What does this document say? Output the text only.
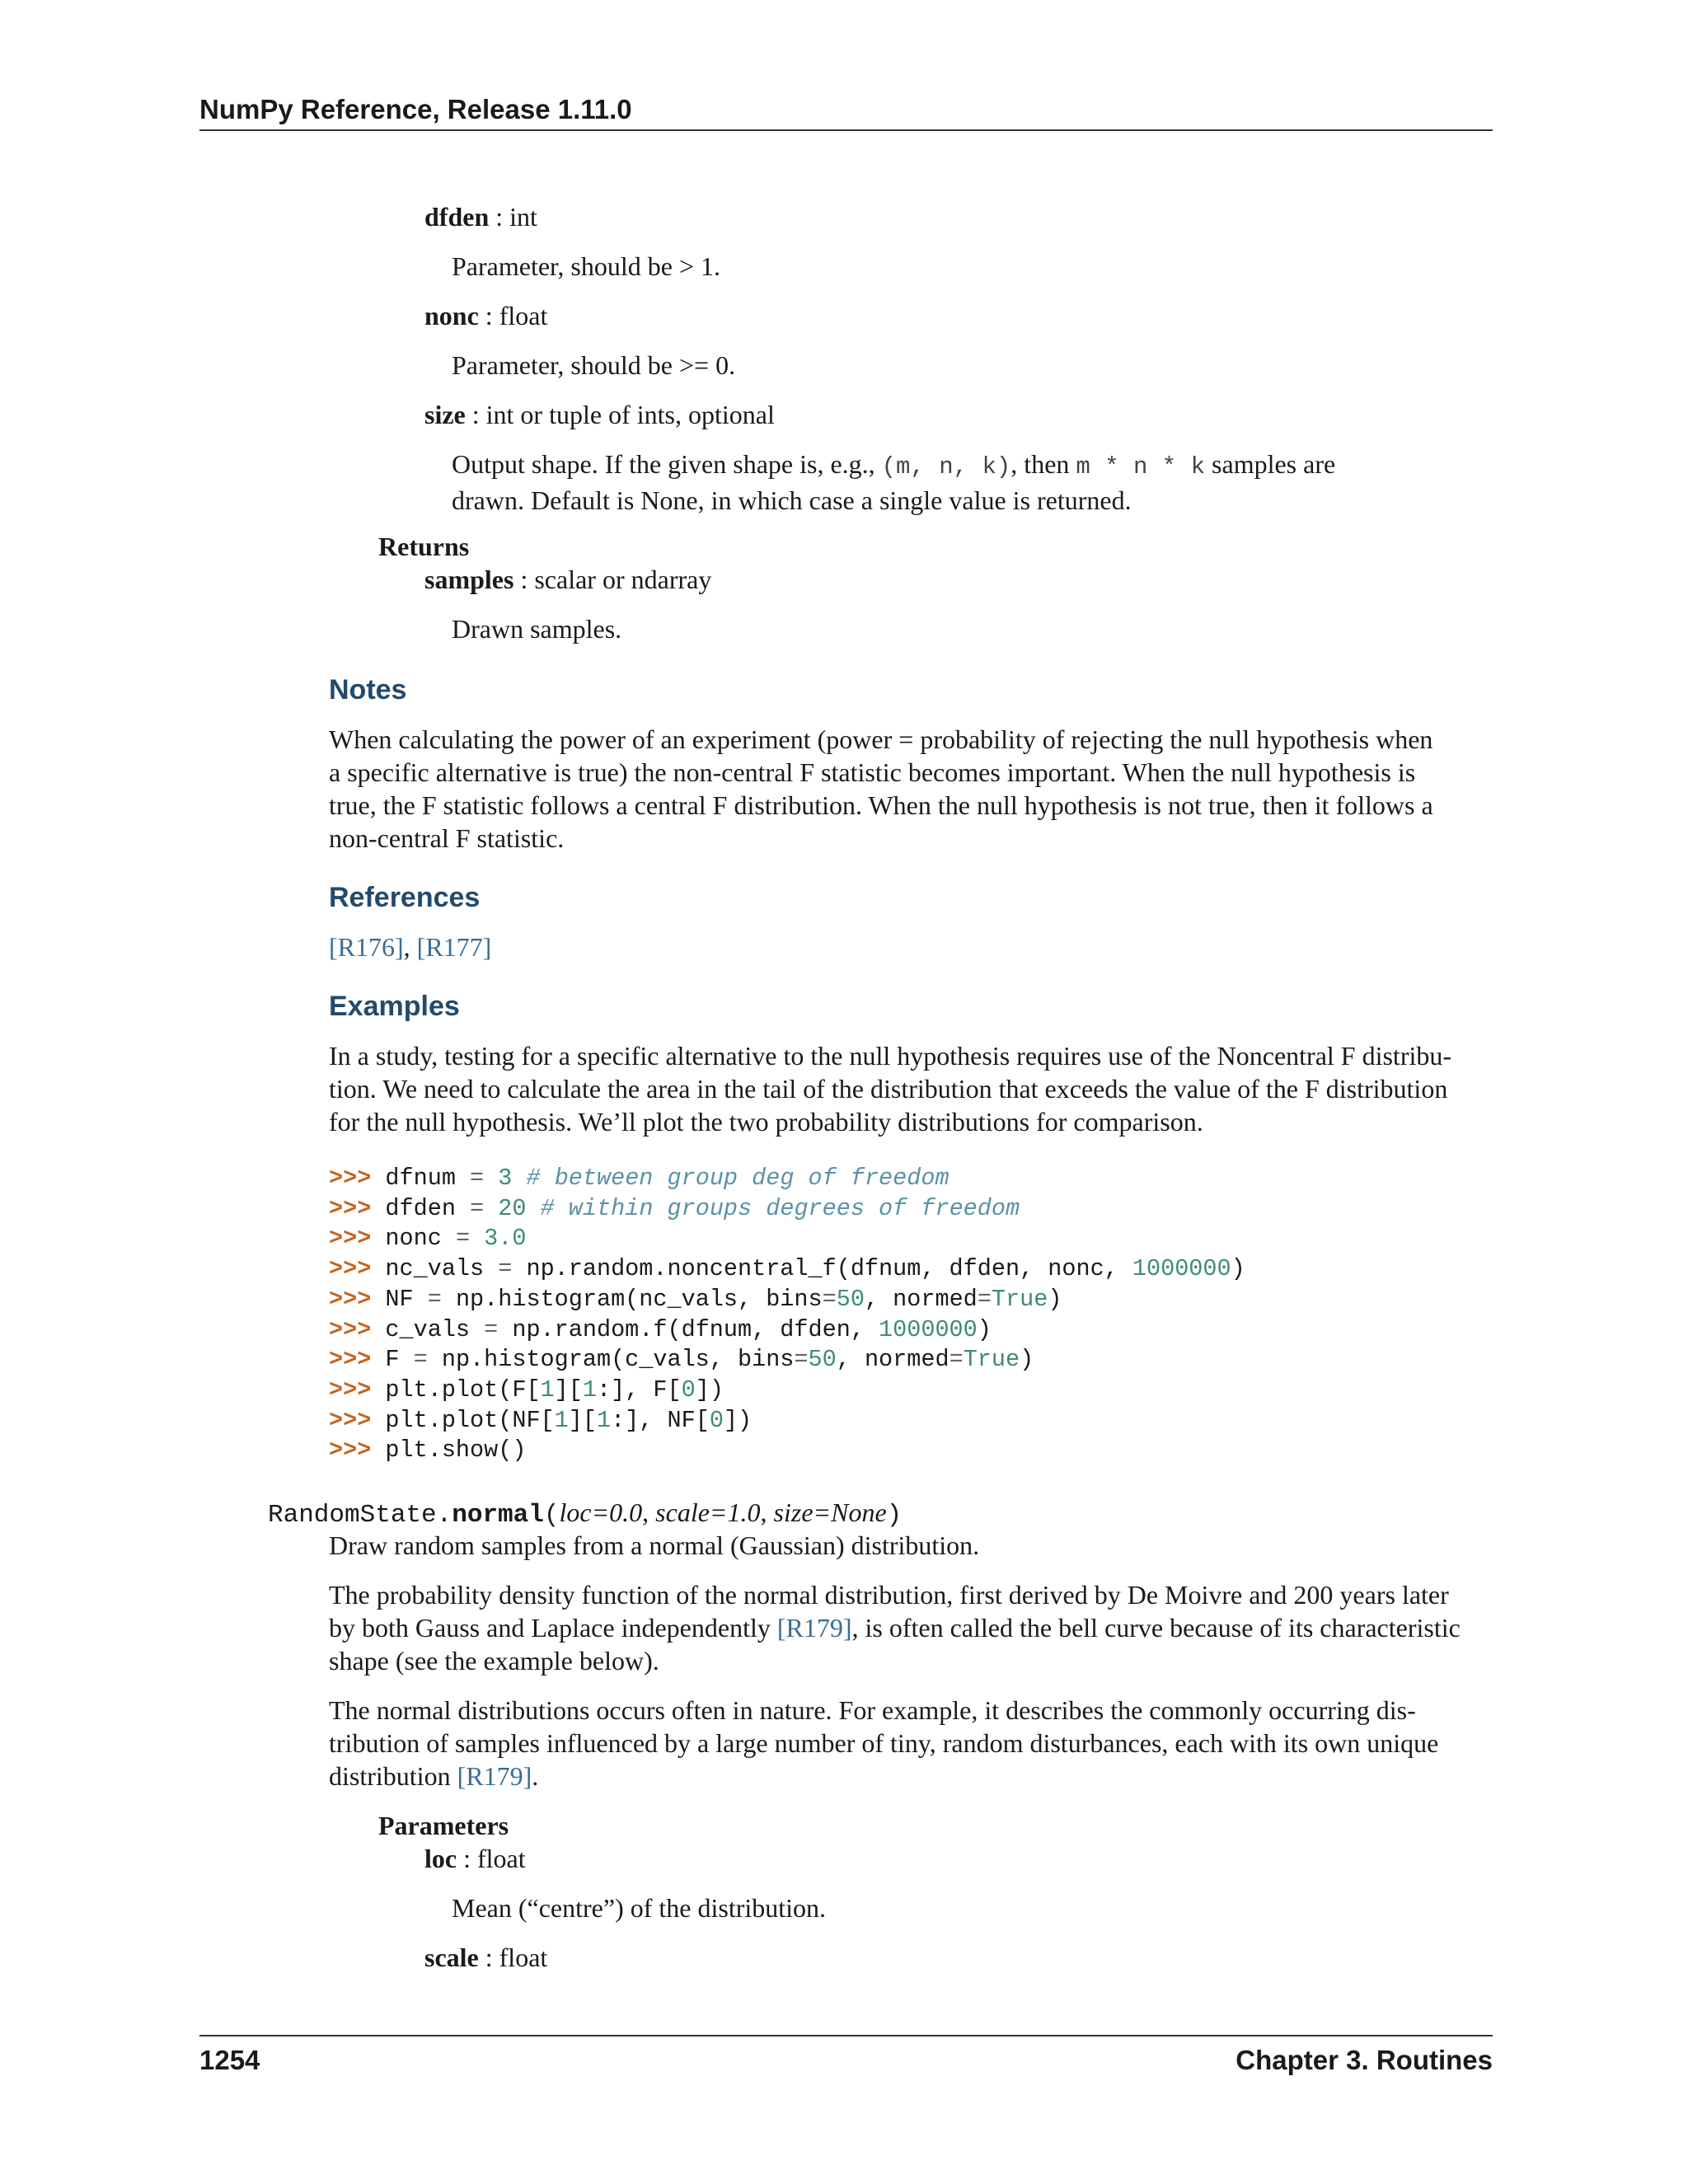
NumPy Reference, Release 1.11.0
dfden : int
Parameter, should be > 1.
nonc : float
Parameter, should be >= 0.
size : int or tuple of ints, optional
Output shape. If the given shape is, e.g., (m, n, k), then m * n * k samples are
drawn. Default is None, in which case a single value is returned.
Returns
samples : scalar or ndarray
Drawn samples.
Notes
When calculating the power of an experiment (power = probability of rejecting the null hypothesis when
a specific alternative is true) the non-central F statistic becomes important. When the null hypothesis is
true, the F statistic follows a central F distribution. When the null hypothesis is not true, then it follows a
non-central F statistic.
References
[R176], [R177]
Examples
In a study, testing for a specific alternative to the null hypothesis requires use of the Noncentral F distribu-
tion. We need to calculate the area in the tail of the distribution that exceeds the value of the F distribution
for the null hypothesis. We’ll plot the two probability distributions for comparison.
>>> dfnum = 3 # between group deg of freedom
>>> dfden = 20 # within groups degrees of freedom
>>> nonc = 3.0
>>> nc_vals = np.random.noncentral_f(dfnum, dfden, nonc, 1000000)
>>> NF = np.histogram(nc_vals, bins=50, normed=True)
>>> c_vals = np.random.f(dfnum, dfden, 1000000)
>>> F = np.histogram(c_vals, bins=50, normed=True)
>>> plt.plot(F[1][1:], F[0])
>>> plt.plot(NF[1][1:], NF[0])
>>> plt.show()
RandomState.normal(loc=0.0, scale=1.0, size=None)
Draw random samples from a normal (Gaussian) distribution.
The probability density function of the normal distribution, first derived by De Moivre and 200 years later
by both Gauss and Laplace independently [R179], is often called the bell curve because of its characteristic
shape (see the example below).
The normal distributions occurs often in nature. For example, it describes the commonly occurring dis-
tribution of samples influenced by a large number of tiny, random disturbances, each with its own unique
distribution [R179].
Parameters
loc : float
Mean (“centre”) of the distribution.
scale : float
1254	Chapter 3. Routines
